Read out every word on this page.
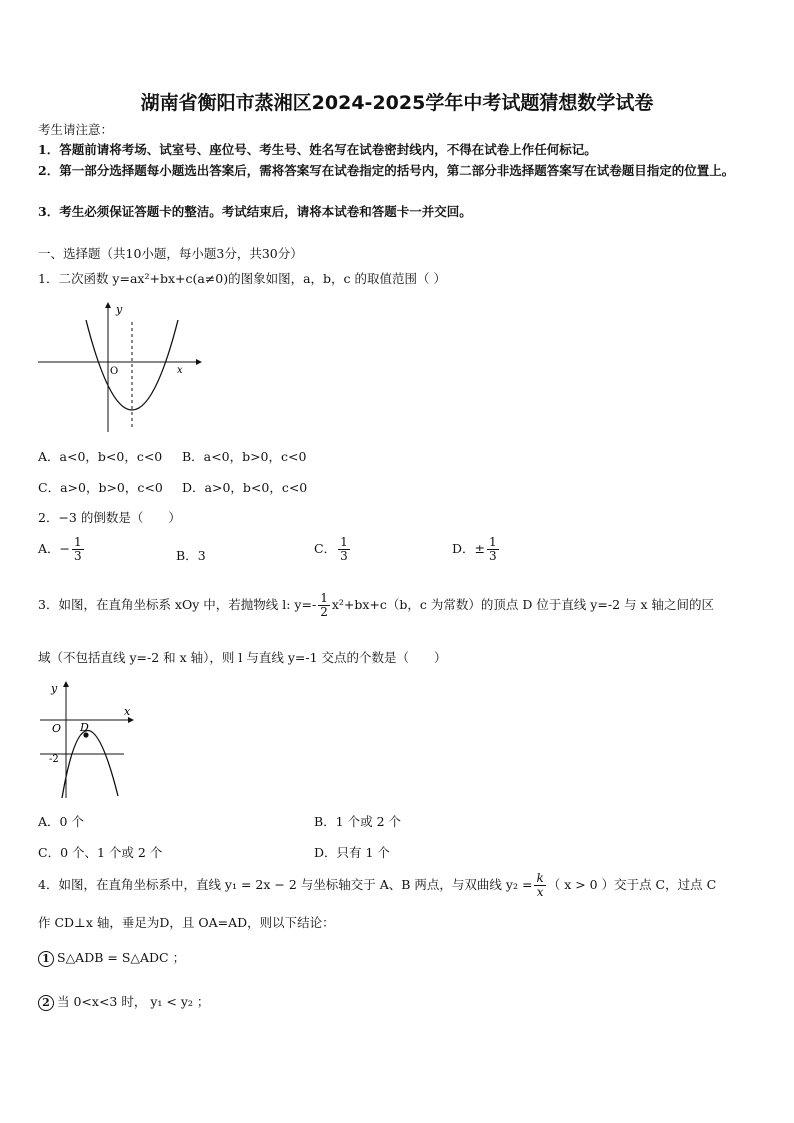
湖南省衡阳市蒸湘区2024-2025学年中考试题猜想数学试卷
考生请注意：
1．答题前请将考场、试室号、座位号、考生号、姓名写在试卷密封线内，不得在试卷上作任何标记。
2．第一部分选择题每小题选出答案后，需将答案写在试卷指定的括号内，第二部分非选择题答案写在试卷题目指定的位置上。
3．考生必须保证答题卡的整洁。考试结束后，请将本试卷和答题卡一并交回。
一、选择题（共10小题，每小题3分，共30分）
1．二次函数 y=ax²+bx+c(a≠0)的图象如图，a，b，c 的取值范围（ ）
y
x
O
A．a<0，b<0，c<0 B．a<0，b>0，c<0
C．a>0，b>0，c<0 D．a>0，b<0，c<0
2．−3 的倒数是（　　）
A．− $\frac{1}{3}$	B．3	C． $\frac{1}{3}$	D．± $\frac{1}{3}$
3．如图，在直角坐标系 xOy 中，若抛物线 l: $y=- \frac{1}{2} x^2+bx+c(b$，c 为常数）的顶点 D 位于直线 y=-2 与 x 轴之间的区
域（不包括直线 y=-2 和 x 轴），则 l 与直线 y=-1 交点的个数是（　　）
y
x
O D
-2
A．0 个	B．1 个或 2 个
C．0 个、1 个或 2 个	D．只有 1 个
4．如图，在直角坐标系中，直线 y₁ = 2x − 2 与坐标轴交于 A、B 两点，与双曲线 $y_2 = \frac{k}{x}$ （ x > 0 ）交于点 C，过点 C
作 CD⊥x 轴，垂足为D，且 OA=AD，则以下结论：
1 S△ADB = S△ADC ；
2 当 0<x<3 时， y₁ < y₂ ；
